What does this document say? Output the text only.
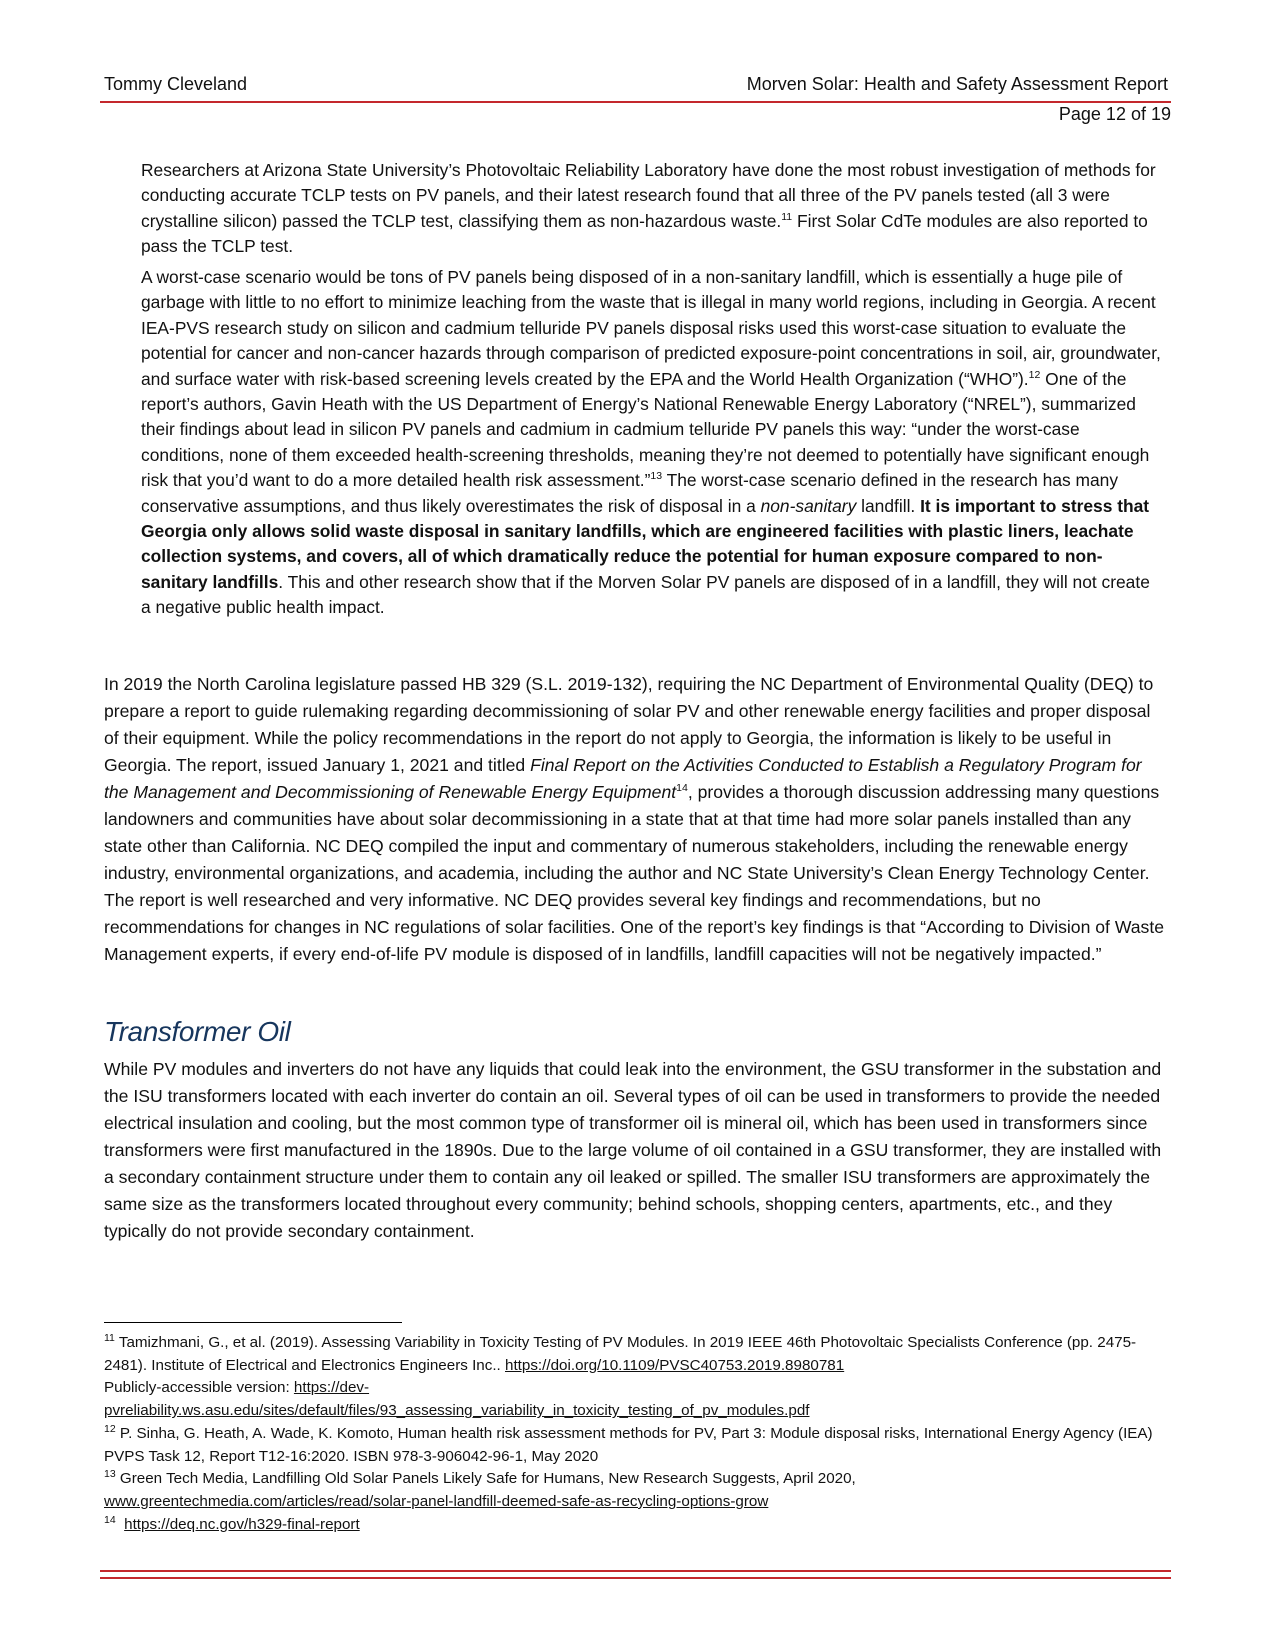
Tommy Cleveland	Morven Solar: Health and Safety Assessment Report
Page 12 of 19

Researchers at Arizona State University’s Photovoltaic Reliability Laboratory have done the most robust investigation of methods for conducting accurate TCLP tests on PV panels, and their latest research found that all three of the PV panels tested (all 3 were crystalline silicon) passed the TCLP test, classifying them as non-hazardous waste.$^{11}$ First Solar CdTe modules are also reported to pass the TCLP test.

A worst-case scenario would be tons of PV panels being disposed of in a non-sanitary landfill, which is essentially a huge pile of garbage with little to no effort to minimize leaching from the waste that is illegal in many world regions, including in Georgia. A recent IEA-PVS research study on silicon and cadmium telluride PV panels disposal risks used this worst-case situation to evaluate the potential for cancer and non-cancer hazards through comparison of predicted exposure-point concentrations in soil, air, groundwater, and surface water with risk-based screening levels created by the EPA and the World Health Organization (“WHO”).$^{12}$ One of the report’s authors, Gavin Heath with the US Department of Energy’s National Renewable Energy Laboratory (“NREL”), summarized their findings about lead in silicon PV panels and cadmium in cadmium telluride PV panels this way: “under the worst-case conditions, none of them exceeded health-screening thresholds, meaning they’re not deemed to potentially have significant enough risk that you’d want to do a more detailed health risk assessment.”$^{13}$ The worst-case scenario defined in the research has many conservative assumptions, and thus likely overestimates the risk of disposal in a non-sanitary landfill. It is important to stress that Georgia only allows solid waste disposal in sanitary landfills, which are engineered facilities with plastic liners, leachate collection systems, and covers, all of which dramatically reduce the potential for human exposure compared to non-sanitary landfills. This and other research show that if the Morven Solar PV panels are disposed of in a landfill, they will not create a negative public health impact.

In 2019 the North Carolina legislature passed HB 329 (S.L. 2019-132), requiring the NC Department of Environmental Quality (DEQ) to prepare a report to guide rulemaking regarding decommissioning of solar PV and other renewable energy facilities and proper disposal of their equipment. While the policy recommendations in the report do not apply to Georgia, the information is likely to be useful in Georgia. The report, issued January 1, 2021 and titled Final Report on the Activities Conducted to Establish a Regulatory Program for the Management and Decommissioning of Renewable Energy Equipment$^{14}$, provides a thorough discussion addressing many questions landowners and communities have about solar decommissioning in a state that at that time had more solar panels installed than any state other than California. NC DEQ compiled the input and commentary of numerous stakeholders, including the renewable energy industry, environmental organizations, and academia, including the author and NC State University’s Clean Energy Technology Center. The report is well researched and very informative. NC DEQ provides several key findings and recommendations, but no recommendations for changes in NC regulations of solar facilities. One of the report’s key findings is that “According to Division of Waste Management experts, if every end-of-life PV module is disposed of in landfills, landfill capacities will not be negatively impacted.”

Transformer Oil

While PV modules and inverters do not have any liquids that could leak into the environment, the GSU transformer in the substation and the ISU transformers located with each inverter do contain an oil. Several types of oil can be used in transformers to provide the needed electrical insulation and cooling, but the most common type of transformer oil is mineral oil, which has been used in transformers since transformers were first manufactured in the 1890s. Due to the large volume of oil contained in a GSU transformer, they are installed with a secondary containment structure under them to contain any oil leaked or spilled. The smaller ISU transformers are approximately the same size as the transformers located throughout every community; behind schools, shopping centers, apartments, etc., and they typically do not provide secondary containment.

$^{11}$ Tamizhmani, G., et al. (2019). Assessing Variability in Toxicity Testing of PV Modules. In 2019 IEEE 46th Photovoltaic Specialists Conference (pp. 2475-2481). Institute of Electrical and Electronics Engineers Inc.. https://doi.org/10.1109/PVSC40753.2019.8980781

Publicly-accessible version: https://dev-

pvreliability.ws.asu.edu/sites/default/files/93_assessing_variability_in_toxicity_testing_of_pv_modules.pdf

$^{12}$ P. Sinha, G. Heath, A. Wade, K. Komoto, Human health risk assessment methods for PV, Part 3: Module disposal risks, International Energy Agency (IEA) PVPS Task 12, Report T12-16:2020. ISBN 978-3-906042-96-1, May 2020

$^{13}$ Green Tech Media, Landfilling Old Solar Panels Likely Safe for Humans, New Research Suggests, April 2020,

www.greentechmedia.com/articles/read/solar-panel-landfill-deemed-safe-as-recycling-options-grow

$^{14}$ https://deq.nc.gov/h329-final-report
